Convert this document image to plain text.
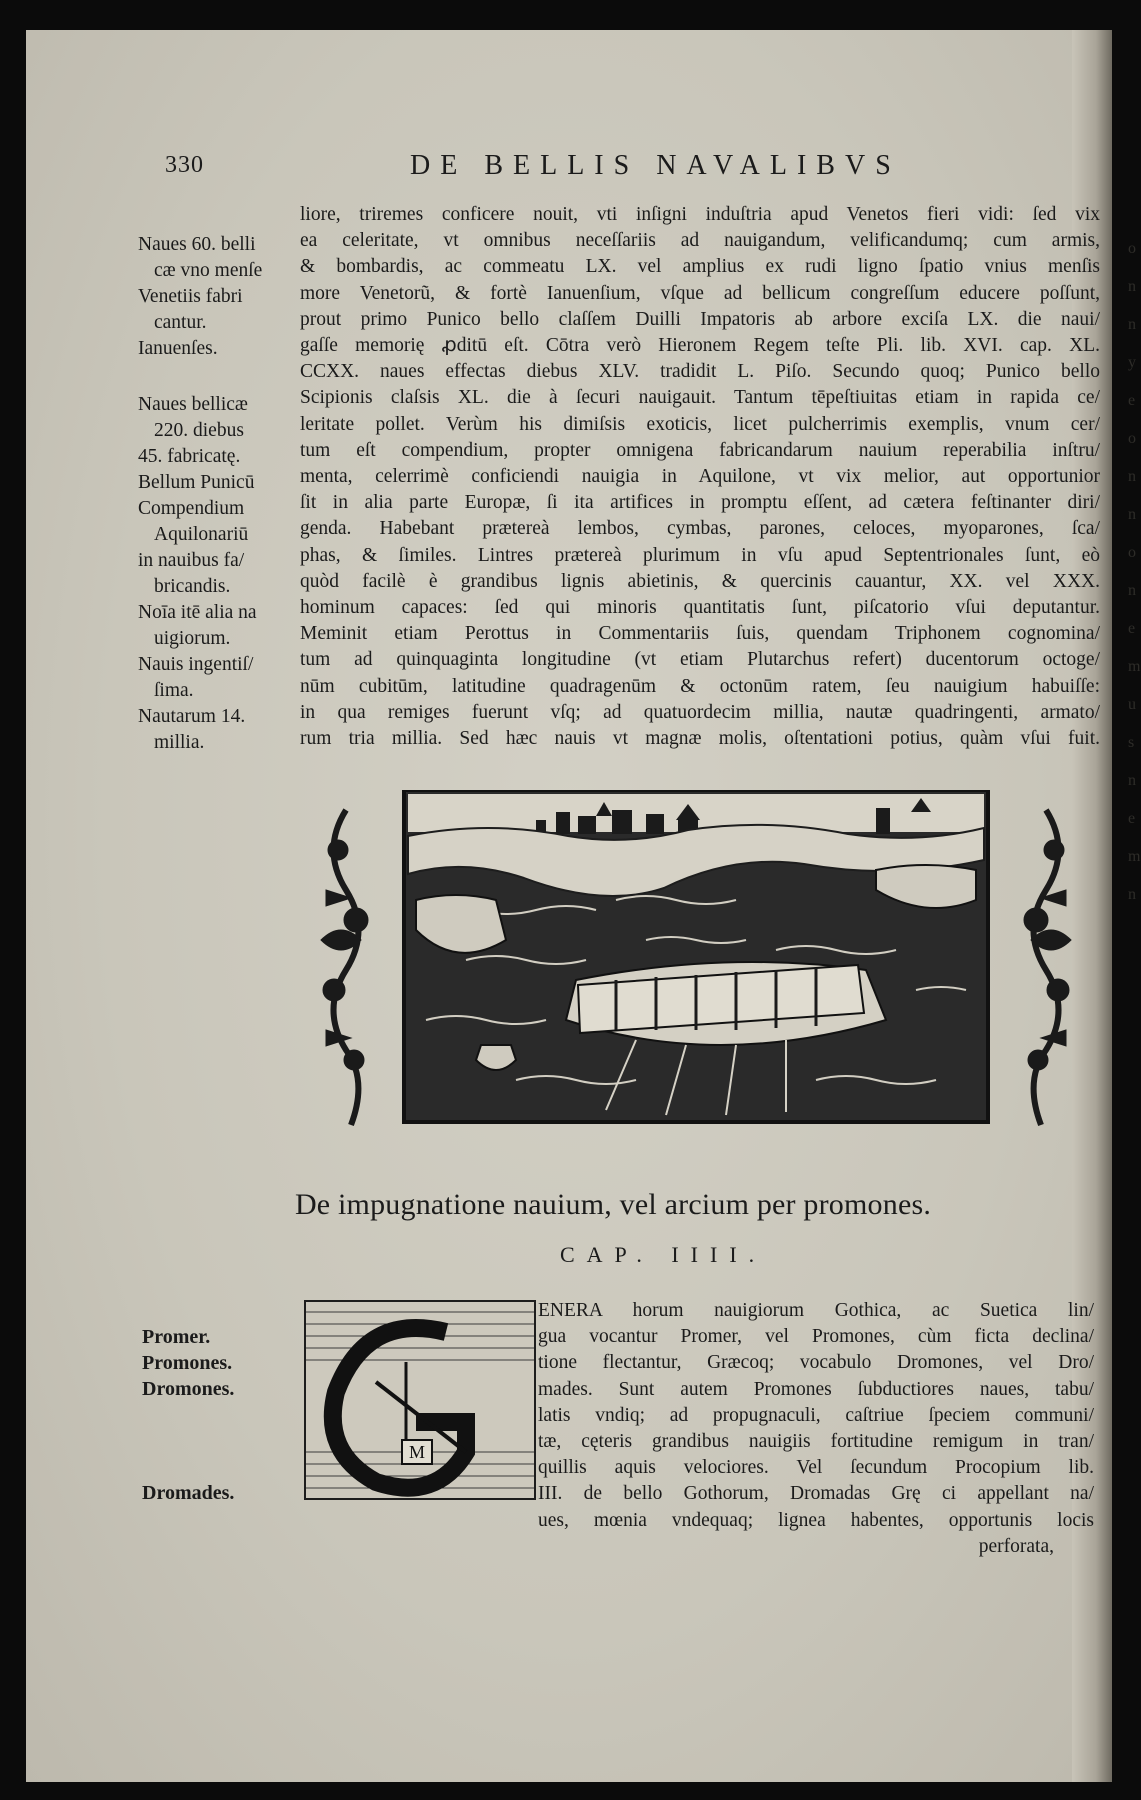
o
n
n
y
e
o
n
n
o
n
e
m
u
s
n
e
m
n
330	DE BELLIS NAVALIBVS
Naues 60. belli
cæ vno menſe
Venetiis fabri
cantur.
Ianuenſes.
Naues bellicæ
220. diebus
45. fabricatę.
Bellum Punicū
Compendium
Aquilonariū
in nauibus fa/
bricandis.
Noīa itē alia na
uigiorum.
Nauis ingentiſ/
ſima.
Nautarum 14.
millia.
liore, triremes conficere nouit, vti inſigni induſtria apud Venetos fieri vidi: ſed vix
ea celeritate, vt omnibus neceſſariis ad nauigandum, velificandumq; cum armis,
& bombardis, ac commeatu LX. vel amplius ex rudi ligno ſpatio vnius menſis
more Venetorũ, & fortè Ianuenſium, vſque ad bellicum congreſſum educere poſſunt,
prout primo Punico bello claſſem Duilli Impatoris ab arbore exciſa LX. die naui/
gaſſe memorię ꝓditū eſt. Cōtra verò Hieronem Regem teſte Pli. lib. XVI. cap. XL.
CCXX. naues effectas diebus XLV. tradidit L. Piſo. Secundo quoq; Punico bello
Scipionis claſsis XL. die à ſecuri nauigauit. Tantum tēpeſtiuitas etiam in rapida ce/
leritate pollet. Verùm his dimiſsis exoticis, licet pulcherrimis exemplis, vnum cer/
tum eſt compendium, propter omnigena fabricandarum nauium reperabilia inſtru/
menta, celerrimè conficiendi nauigia in Aquilone, vt vix melior, aut opportunior
ſit in alia parte Europæ, ſi ita artifices in promptu eſſent, ad cætera feſtinanter diri/
genda. Habebant prætereà lembos, cymbas, parones, celoces, myoparones, ſca/
phas, & ſimiles. Lintres prætereà plurimum in vſu apud Septentrionales ſunt, eò
quòd facilè è grandibus lignis abietinis, & quercinis cauantur, XX. vel XXX.
hominum capaces: ſed qui minoris quantitatis ſunt, piſcatorio vſui deputantur.
Meminit etiam Perottus in Commentariis ſuis, quendam Triphonem cognomina/
tum ad quinquaginta longitudine (vt etiam Plutarchus refert) ducentorum octoge/
nūm cubitūm, latitudine quadragenūm & octonūm ratem, ſeu nauigium habuiſſe:
in qua remiges fuerunt vſq; ad quatuordecim millia, nautæ quadringenti, armato/
rum tria millia. Sed hæc nauis vt magnæ molis, oſtentationi potius, quàm vſui fuit.
De impugnatione nauium, vel arcium per promones.
CAP. IIII.
Promer.
Promones.
Dromones.
Dromades.
M
ENERA horum nauigiorum Gothica, ac Suetica lin/
gua vocantur Promer, vel Promones, cùm ficta declina/
tione flectantur, Græcoq; vocabulo Dromones, vel Dro/
mades. Sunt autem Promones ſubductiores naues, tabu/
latis vndiq; ad propugnaculi, caſtriue ſpeciem communi/
tæ, cęteris grandibus nauigiis fortitudine remigum in tran/
quillis aquis velociores. Vel ſecundum Procopium lib.
III. de bello Gothorum, Dromadas Grę ci appellant na/
ues, mœnia vndequaq; lignea habentes, opportunis locis
perforata,
